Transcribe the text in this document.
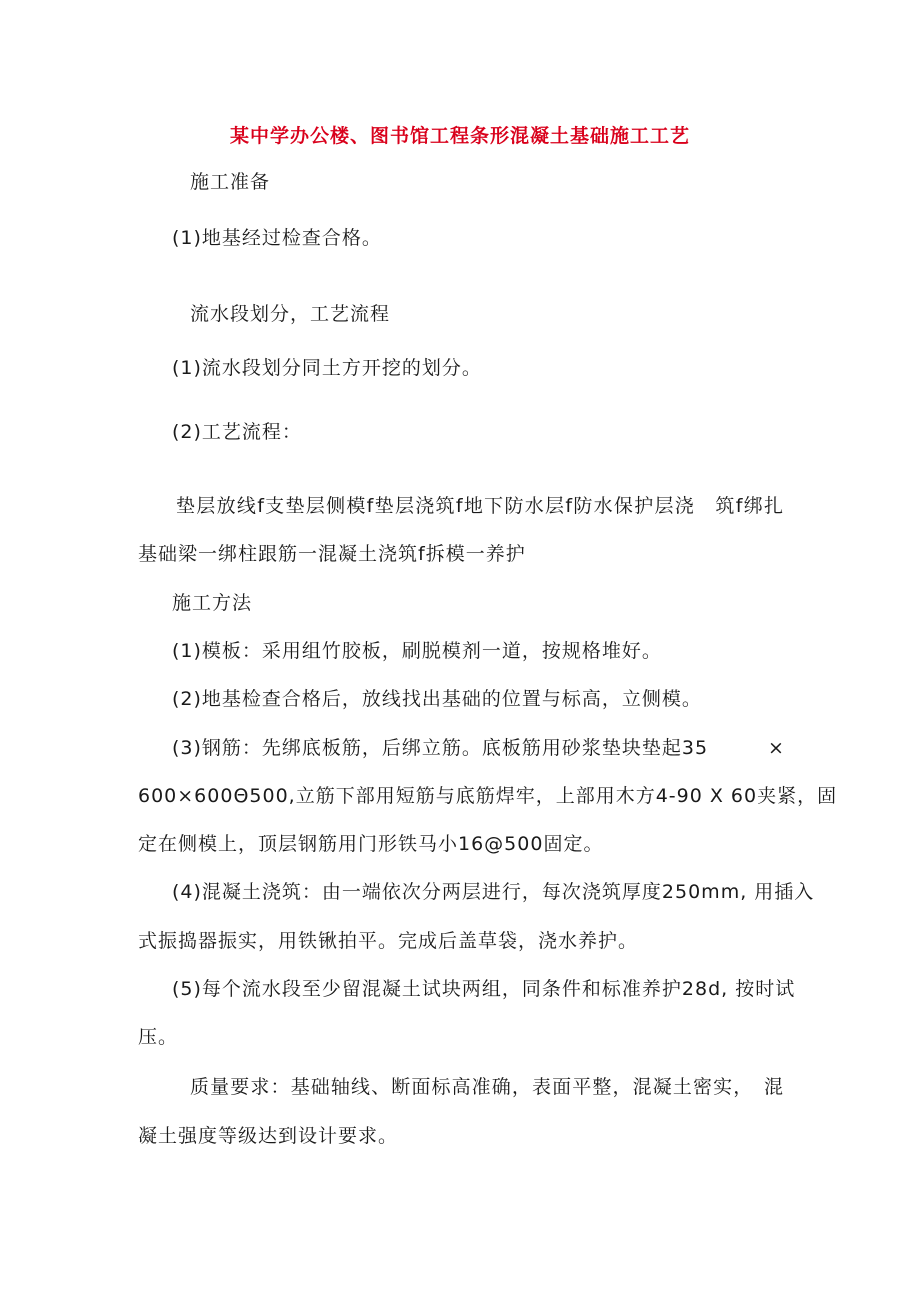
某中学办公楼、图书馆工程条形混凝土基础施工工艺
施工准备
(1)地基经过检查合格。
流水段划分，工艺流程
(1)流水段划分同土方开挖的划分。
(2)工艺流程：
垫层放线f支垫层侧模f垫层浇筑f地下防水层f防水保护层浇　筑f绑扎
基础梁一绑柱跟筋一混凝土浇筑f拆模一养护
施工方法
(1)模板：采用组竹胶板，刷脱模剂一道，按规格堆好。
(2)地基检查合格后，放线找出基础的位置与标高，立侧模。
(3)钢筋：先绑底板筋，后绑立筋。底板筋用砂浆垫块垫起35	×
600×600Θ500,立筋下部用短筋与底筋焊牢，上部用木方4-90 X 60夹紧，固
定在侧模上，顶层钢筋用门形铁马小16@500固定。
(4)混凝土浇筑：由一端依次分两层进行，每次浇筑厚度250mm, 用插入
式振捣器振实，用铁锹拍平。完成后盖草袋，浇水养护。
(5)每个流水段至少留混凝土试块两组，同条件和标准养护28d, 按时试
压。
质量要求：基础轴线、断面标高准确，表面平整，混凝土密实，　混
凝土强度等级达到设计要求。
